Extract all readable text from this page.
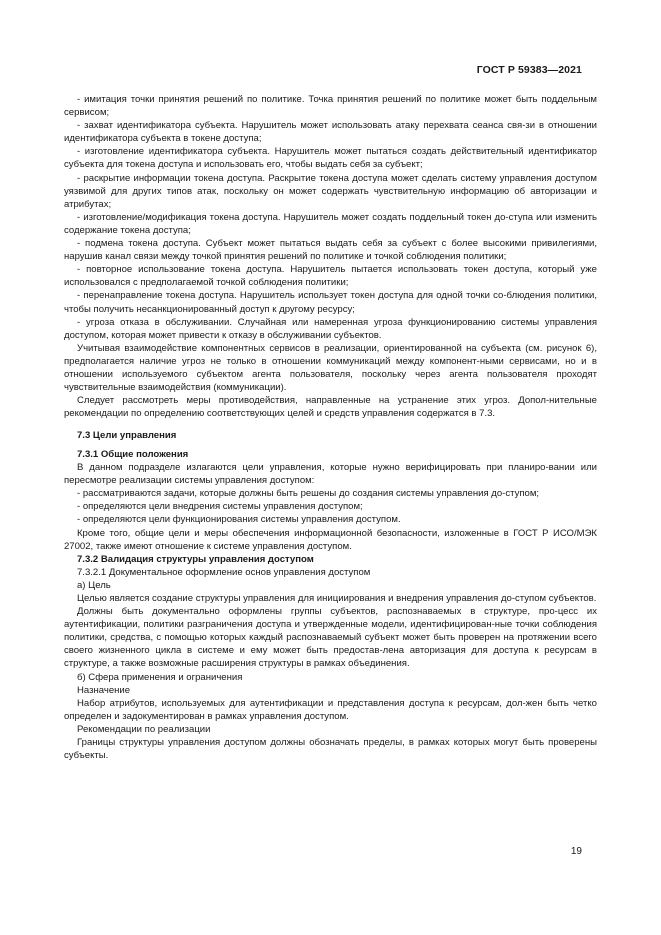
ГОСТ Р 59383—2021

- имитация точки принятия решений по политике. Точка принятия решений по политике может быть поддельным сервисом;

- захват идентификатора субъекта. Нарушитель может использовать атаку перехвата сеанса свя-зи в отношении идентификатора субъекта в токене доступа;

- изготовление идентификатора субъекта. Нарушитель может пытаться создать действительный идентификатор субъекта для токена доступа и использовать его, чтобы выдать себя за субъект;

- раскрытие информации токена доступа. Раскрытие токена доступа может сделать систему управления доступом уязвимой для других типов атак, поскольку он может содержать чувствительную информацию об авторизации и атрибутах;

- изготовление/модификация токена доступа. Нарушитель может создать поддельный токен до-ступа или изменить содержание токена доступа;

- подмена токена доступа. Субъект может пытаться выдать себя за субъект с более высокими привилегиями, нарушив канал связи между точкой принятия решений по политике и точкой соблюдения политики;

- повторное использование токена доступа. Нарушитель пытается использовать токен доступа, который уже использовался с предполагаемой точкой соблюдения политики;

- перенаправление токена доступа. Нарушитель использует токен доступа для одной точки со-блюдения политики, чтобы получить несанкционированный доступ к другому ресурсу;

- угроза отказа в обслуживании. Случайная или намеренная угроза функционированию системы управления доступом, которая может привести к отказу в обслуживании субъектов.

Учитывая взаимодействие компонентных сервисов в реализации, ориентированной на субъекта (см. рисунок 6), предполагается наличие угроз не только в отношении коммуникаций между компонент-ными сервисами, но и в отношении используемого субъектом агента пользователя, поскольку через агента пользователя проходят чувствительные взаимодействия (коммуникации).

Следует рассмотреть меры противодействия, направленные на устранение этих угроз. Допол-нительные рекомендации по определению соответствующих целей и средств управления содержатся в 7.3.

7.3 Цели управления

7.3.1 Общие положения

В данном подразделе излагаются цели управления, которые нужно верифицировать при планиро-вании или пересмотре реализации системы управления доступом:

- рассматриваются задачи, которые должны быть решены до создания системы управления до-ступом;

- определяются цели внедрения системы управления доступом;

- определяются цели функционирования системы управления доступом.

Кроме того, общие цели и меры обеспечения информационной безопасности, изложенные в ГОСТ Р ИСО/МЭК 27002, также имеют отношение к системе управления доступом.

7.3.2 Валидация структуры управления доступом

7.3.2.1 Документальное оформление основ управления доступом

а) Цель

Целью является создание структуры управления для инициирования и внедрения управления до-ступом субъектов.

Должны быть документально оформлены группы субъектов, распознаваемых в структуре, про-цесс их аутентификации, политики разграничения доступа и утвержденные модели, идентифицирован-ные точки соблюдения политики, средства, с помощью которых каждый распознаваемый субъект может быть проверен на протяжении всего своего жизненного цикла в системе и ему может быть предостав-лена авторизация для доступа к ресурсам в структуре, а также возможные расширения структуры в рамках объединения.

б) Сфера применения и ограничения

Назначение

Набор атрибутов, используемых для аутентификации и представления доступа к ресурсам, дол-жен быть четко определен и задокументирован в рамках управления доступом.

Рекомендации по реализации

Границы структуры управления доступом должны обозначать пределы, в рамках которых могут быть проверены субъекты.

19
